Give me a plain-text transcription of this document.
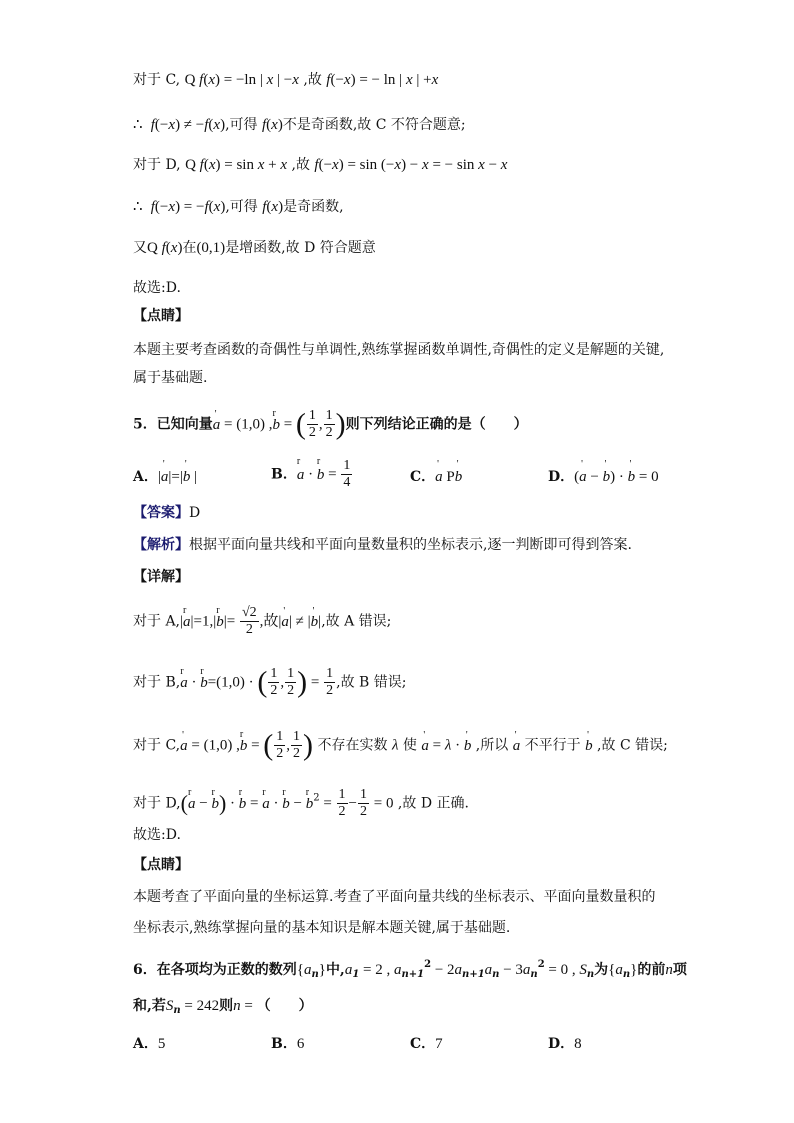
对于 C, Q f(x) = −ln | x | −x ,故 f(−x) = − ln | x | +x
∴  f(−x) ≠ −f(x),可得 f(x)不是奇函数,故 C 不符合题意;
对于 D, Q f(x) = sin x + x ,故 f(−x) = sin (−x) − x = − sin x − x
∴  f(−x) = −f(x),可得 f(x)是奇函数,
又Q f(x)在(0,1)是增函数,故 D 符合题意
故选:D.
【点睛】
本题主要考查函数的奇偶性与单调性,熟练掌握函数单调性,奇偶性的定义是解题的关键,
属于基础题.
5．已知向量' a = (1,0) ,r b = ( $\frac{1}{2}$ , $\frac{1}{2}$ )则下列结论正确的是（　　）
A．|' a|=|' b |	B．r a · r $b = \frac{1}{4}$	C．' a P' b	D．(' a − ' b) · ' b = 0
【答案】D
【解析】根据平面向量共线和平面向量数量积的坐标表示,逐一判断即可得到答案.
【详解】
对于 A,|r a|=1,|r $b|= \frac{√2}{2}$ ,故|' a| ≠ |' b|,故 A 错误;
对于 B,r a · r b=(1,0) · ( $\frac{1}{2}$ , $\frac{1}{2}$ ) = $\frac{1}{2}$ ,故 B 错误;
对于 C,' a = (1,0) ,r b = ( $\frac{1}{2}$ , $\frac{1}{2}$ ) 不存在实数 λ 使 ' a = λ · ' b ,所以 ' a 不平行于 ' b ,故 C 错误;
对于 D,(r a − r b) · r b = r a · r b − r $b^2 = \frac{1}{2} - \frac{1}{2} = 0$ ,故 D 正确.
故选:D.
【点睛】
本题考查了平面向量的坐标运算.考查了平面向量共线的坐标表示、平面向量数量积的
坐标表示,熟练掌握向量的基本知识是解本题关键,属于基础题.
6．在各项均为正数的数列$\{a_n\}$中$,a_1 = 2$ , $a_{n+1}^2 - 2a_{n+1}a_n - 3a_n^2 = 0$ , $S_n$为$\{a_n\}$的前n项
和,若$S_n = 242$则n = （　　）
A．5	B．6	C．7	D．8
